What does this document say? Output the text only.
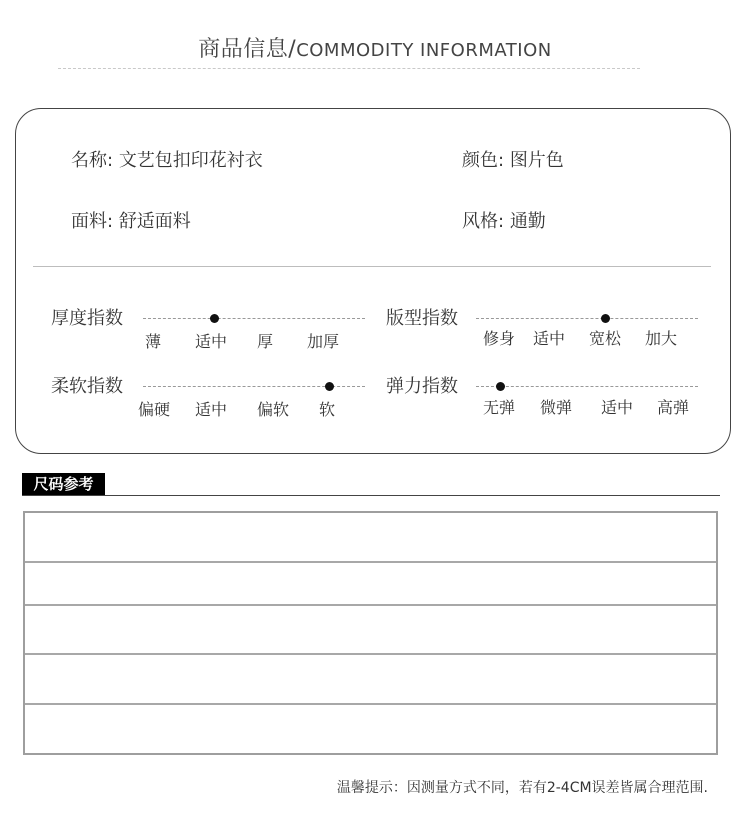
商品信息/COMMODITY INFORMATION
名称: 文艺包扣印花衬衣	颜色: 图片色
面料: 舒适面料	风格: 通勤
厚度指数
薄 适中 厚 加厚
版型指数
修身 适中 宽松 加大
柔软指数
偏硬 适中 偏软 软
弹力指数
无弹 微弹 适中 高弹
尺码参考
温馨提示：因测量方式不同，若有2-4CM误差皆属合理范围.
